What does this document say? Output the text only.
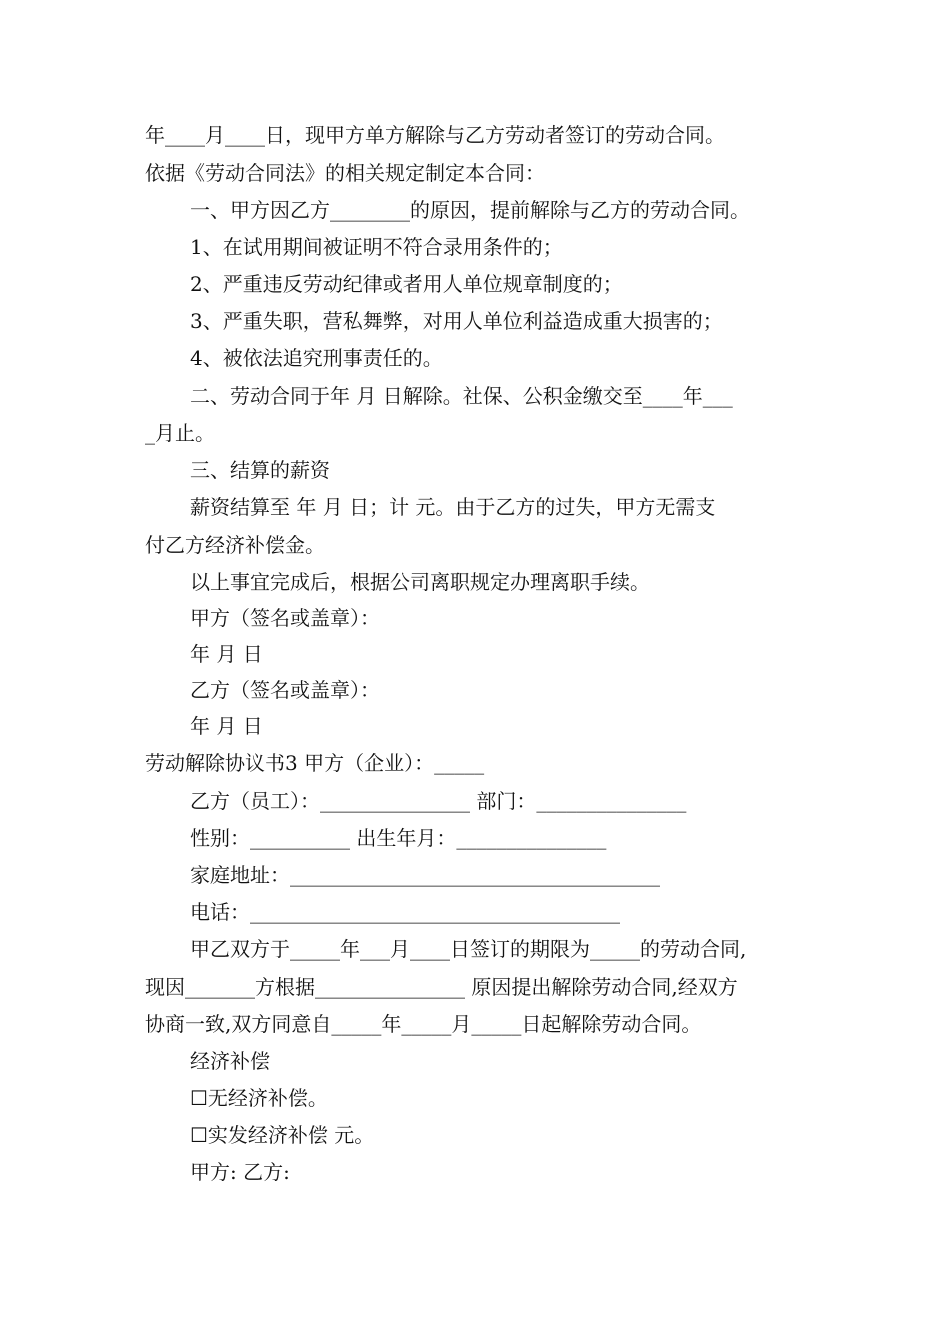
年____月____日，现甲方单方解除与乙方劳动者签订的劳动合同。
依据《劳动合同法》的相关规定制定本合同：
一、甲方因乙方________的原因，提前解除与乙方的劳动合同。
1、在试用期间被证明不符合录用条件的；
2、严重违反劳动纪律或者用人单位规章制度的；
3、严重失职，营私舞弊，对用人单位利益造成重大损害的；
4、被依法追究刑事责任的。
二、劳动合同于年 月 日解除。社保、公积金缴交至____年___
_月止。
三、结算的薪资
薪资结算至 年 月 日；计 元。由于乙方的过失，甲方无需支
付乙方经济补偿金。
以上事宜完成后，根据公司离职规定办理离职手续。
甲方（签名或盖章）：
年 月 日
乙方（签名或盖章）：
年 月 日
劳动解除协议书3 甲方（企业）：_____
乙方（员工）：_______________ 部门：_______________
性别：__________ 出生年月：_______________
家庭地址：_____________________________________
电话：_____________________________________
甲乙双方于_____年___月____日签订的期限为_____的劳动合同,
现因_______方根据_______________ 原因提出解除劳动合同,经双方
协商一致,双方同意自_____年_____月_____日起解除劳动合同。
经济补偿
☐无经济补偿。
☐实发经济补偿 元。
甲方: 乙方:
